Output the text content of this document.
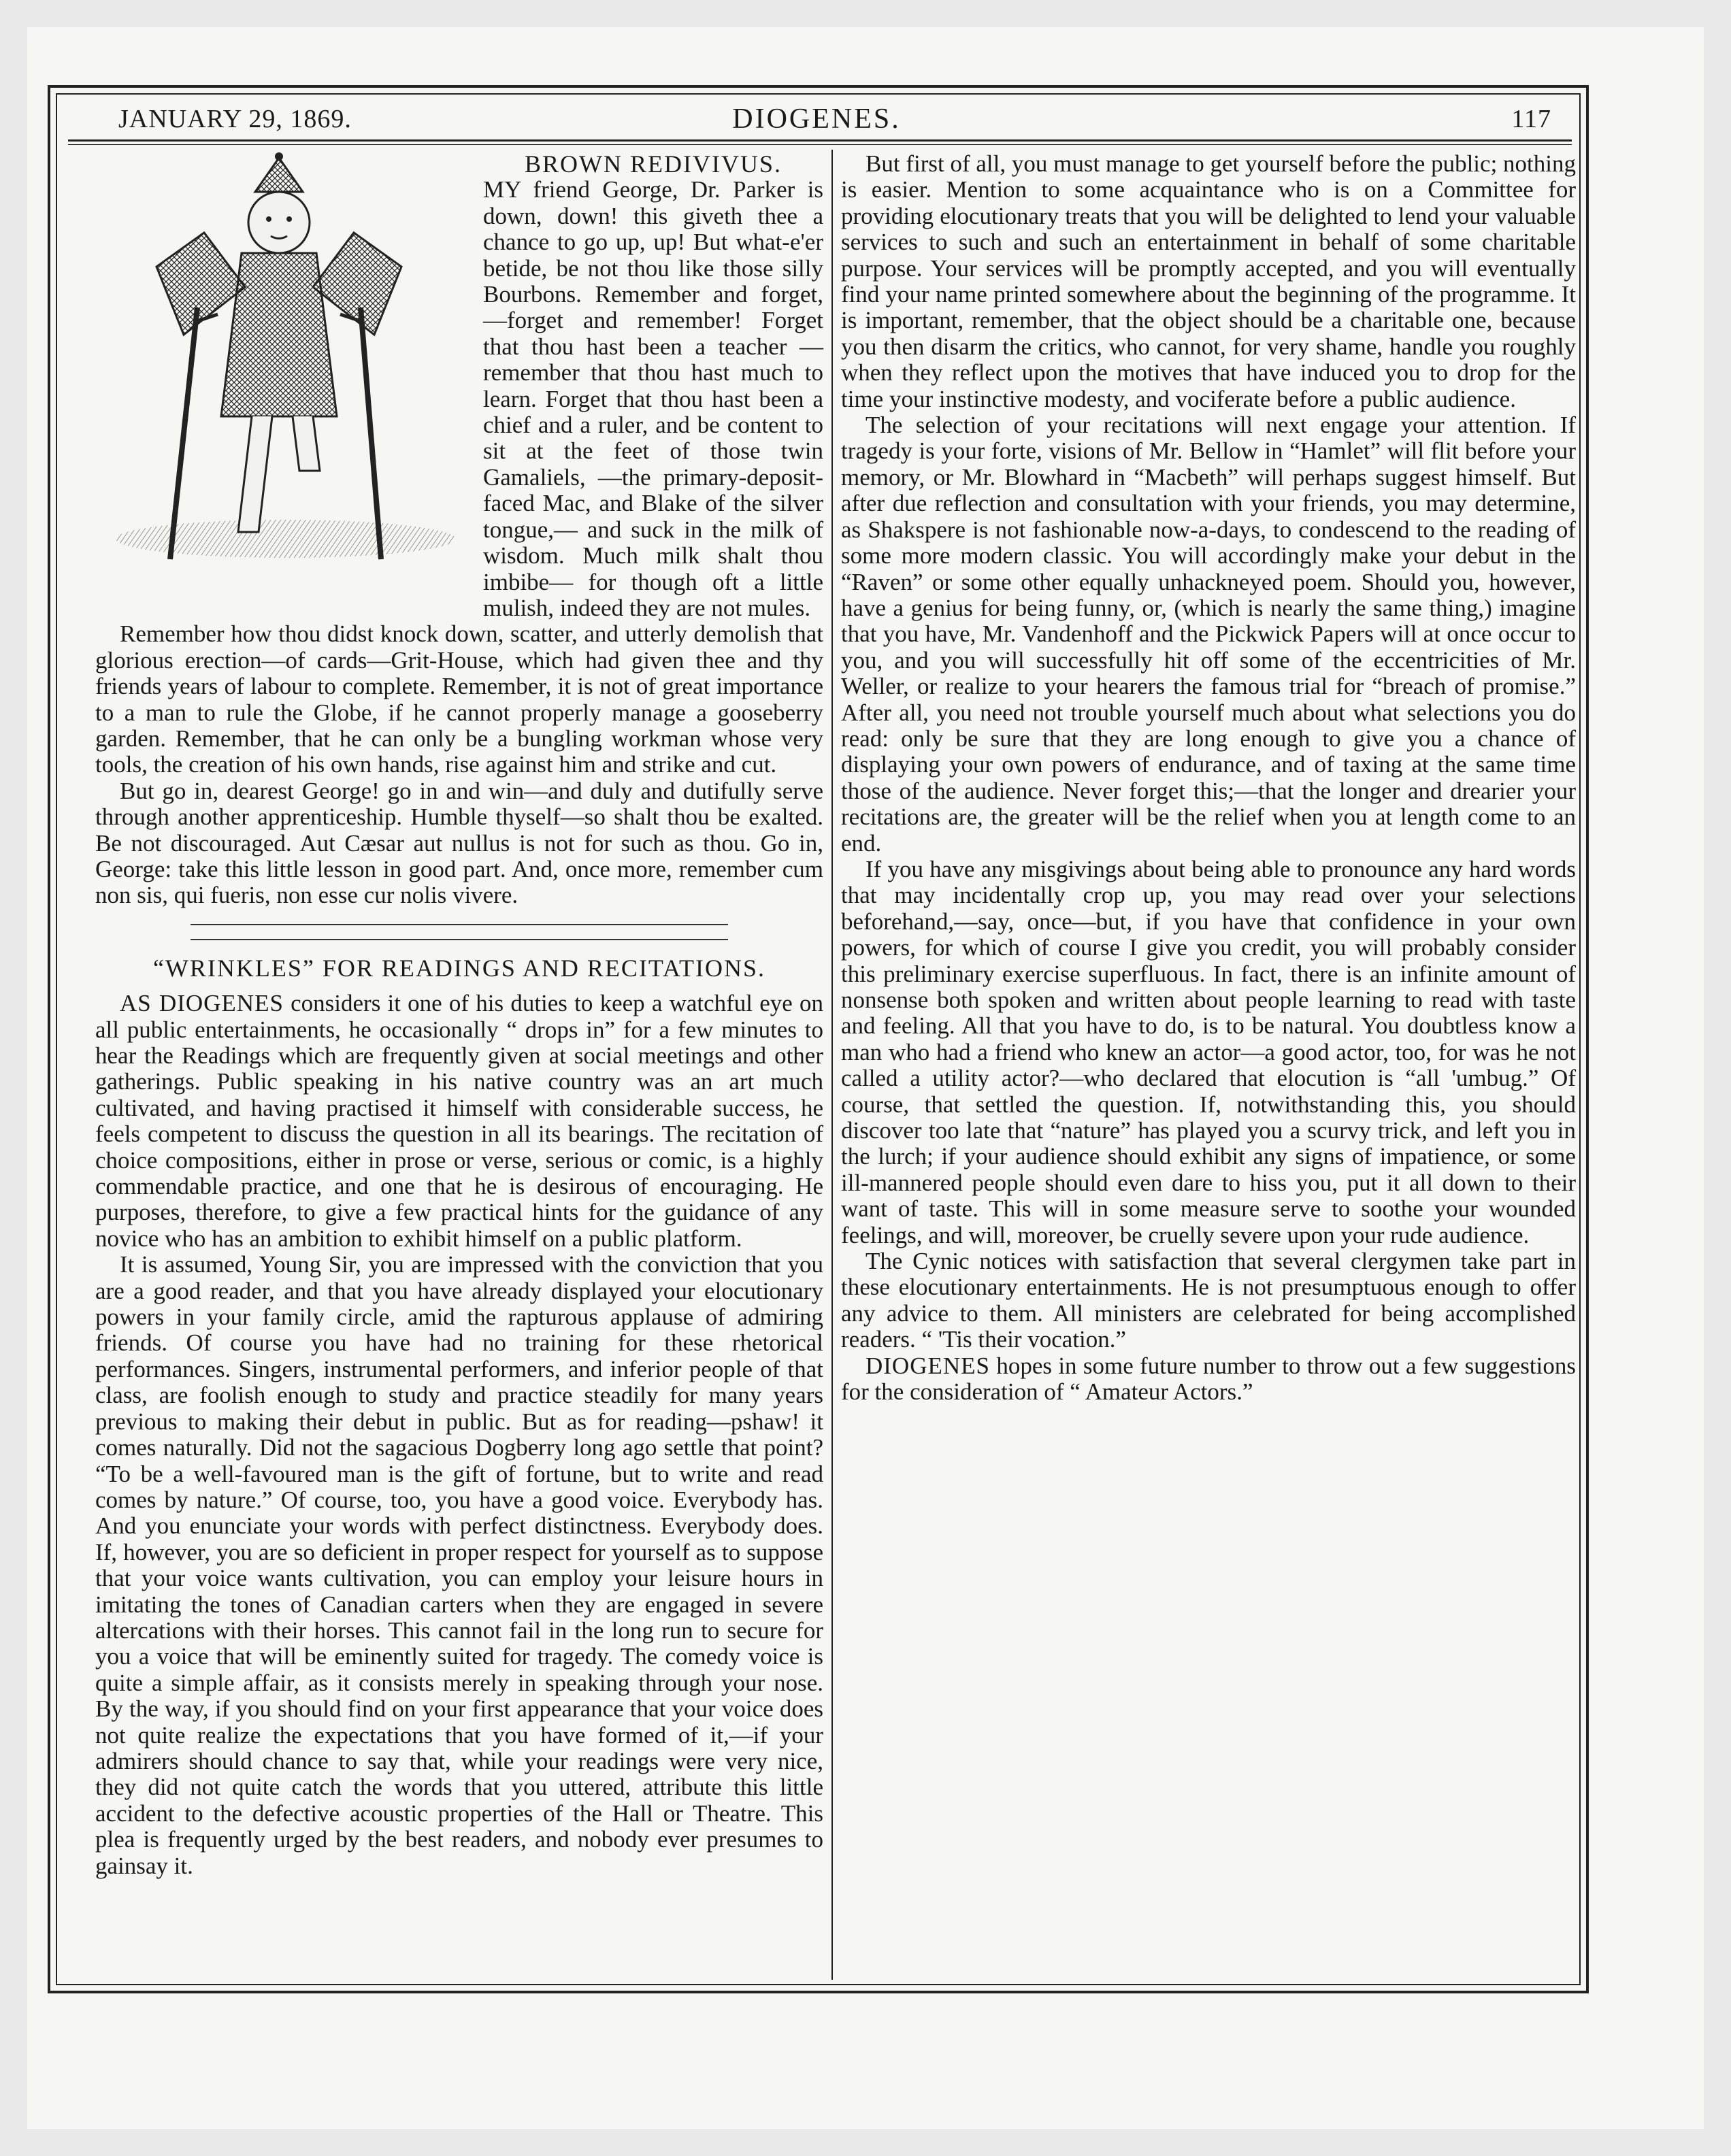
JANUARY 29, 1869.	DIOGENES.	117
BROWN REDIVIVUS.

MY friend George, Dr. Parker is down, down! this giveth thee a chance to go up, up! But what-e'er betide, be not thou like those silly Bourbons. Remember and forget,—forget and remember! Forget that thou hast been a teacher — remember that thou hast much to learn. Forget that thou hast been a chief and a ruler, and be content to sit at the feet of those twin Gamaliels, —the primary-deposit-faced Mac, and Blake of the silver tongue,— and suck in the milk of wisdom. Much milk shalt thou imbibe— for though oft a little mulish, indeed they are not mules.

Remember how thou didst knock down, scatter, and utterly demolish that glorious erection—of cards—Grit-House, which had given thee and thy friends years of labour to complete. Remember, it is not of great importance to a man to rule the Globe, if he cannot properly manage a gooseberry garden. Remember, that he can only be a bungling workman whose very tools, the creation of his own hands, rise against him and strike and cut.

But go in, dearest George! go in and win—and duly and dutifully serve through another apprenticeship. Humble thyself—so shalt thou be exalted. Be not discouraged. Aut Cæsar aut nullus is not for such as thou. Go in, George: take this little lesson in good part. And, once more, remember cum non sis, qui fueris, non esse cur nolis vivere.

“WRINKLES” FOR READINGS AND RECITATIONS.

AS DIOGENES considers it one of his duties to keep a watchful eye on all public entertainments, he occasionally “ drops in” for a few minutes to hear the Readings which are frequently given at social meetings and other gatherings. Public speaking in his native country was an art much cultivated, and having practised it himself with considerable success, he feels competent to discuss the question in all its bearings. The recitation of choice compositions, either in prose or verse, serious or comic, is a highly commendable practice, and one that he is desirous of encouraging. He purposes, therefore, to give a few practical hints for the guidance of any novice who has an ambition to exhibit himself on a public platform.

It is assumed, Young Sir, you are impressed with the conviction that you are a good reader, and that you have already displayed your elocutionary powers in your family circle, amid the rapturous applause of admiring friends. Of course you have had no training for these rhetorical performances. Singers, instrumental performers, and inferior people of that class, are foolish enough to study and practice steadily for many years previous to making their debut in public. But as for reading—pshaw! it comes naturally. Did not the sagacious Dogberry long ago settle that point? “To be a well-favoured man is the gift of fortune, but to write and read comes by nature.” Of course, too, you have a good voice. Everybody has. And you enunciate your words with perfect distinctness. Everybody does. If, however, you are so deficient in proper respect for yourself as to suppose that your voice wants cultivation, you can employ your leisure hours in imitating the tones of Canadian carters when they are engaged in severe altercations with their horses. This cannot fail in the long run to secure for you a voice that will be eminently suited for tragedy. The comedy voice is quite a simple affair, as it consists merely in speaking through your nose. By the way, if you should find on your first appearance that your voice does not quite realize the expectations that you have formed of it,—if your admirers should chance to say that, while your readings were very nice, they did not quite catch the words that you uttered, attribute this little accident to the defective acoustic properties of the Hall or Theatre. This plea is frequently urged by the best readers, and nobody ever presumes to gainsay it.

But first of all, you must manage to get yourself before the public; nothing is easier. Mention to some acquaintance who is on a Committee for providing elocutionary treats that you will be delighted to lend your valuable services to such and such an entertainment in behalf of some charitable purpose. Your services will be promptly accepted, and you will eventually find your name printed somewhere about the beginning of the programme. It is important, remember, that the object should be a charitable one, because you then disarm the critics, who cannot, for very shame, handle you roughly when they reflect upon the motives that have induced you to drop for the time your instinctive modesty, and vociferate before a public audience.

The selection of your recitations will next engage your attention. If tragedy is your forte, visions of Mr. Bellow in “Hamlet” will flit before your memory, or Mr. Blowhard in “Macbeth” will perhaps suggest himself. But after due reflection and consultation with your friends, you may determine, as Shakspere is not fashionable now-a-days, to condescend to the reading of some more modern classic. You will accordingly make your debut in the “Raven” or some other equally unhackneyed poem. Should you, however, have a genius for being funny, or, (which is nearly the same thing,) imagine that you have, Mr. Vandenhoff and the Pickwick Papers will at once occur to you, and you will successfully hit off some of the eccentricities of Mr. Weller, or realize to your hearers the famous trial for “breach of promise.” After all, you need not trouble yourself much about what selections you do read: only be sure that they are long enough to give you a chance of displaying your own powers of endurance, and of taxing at the same time those of the audience. Never forget this;—that the longer and drearier your recitations are, the greater will be the relief when you at length come to an end.

If you have any misgivings about being able to pronounce any hard words that may incidentally crop up, you may read over your selections beforehand,—say, once—but, if you have that confidence in your own powers, for which of course I give you credit, you will probably consider this preliminary exercise superfluous. In fact, there is an infinite amount of nonsense both spoken and written about people learning to read with taste and feeling. All that you have to do, is to be natural. You doubtless know a man who had a friend who knew an actor—a good actor, too, for was he not called a utility actor?—who declared that elocution is “all 'umbug.” Of course, that settled the question. If, notwithstanding this, you should discover too late that “nature” has played you a scurvy trick, and left you in the lurch; if your audience should exhibit any signs of impatience, or some ill-mannered people should even dare to hiss you, put it all down to their want of taste. This will in some measure serve to soothe your wounded feelings, and will, moreover, be cruelly severe upon your rude audience.

The Cynic notices with satisfaction that several clergymen take part in these elocutionary entertainments. He is not presumptuous enough to offer any advice to them. All ministers are celebrated for being accomplished readers. “ 'Tis their vocation.”

DIOGENES hopes in some future number to throw out a few suggestions for the consideration of “ Amateur Actors.”
